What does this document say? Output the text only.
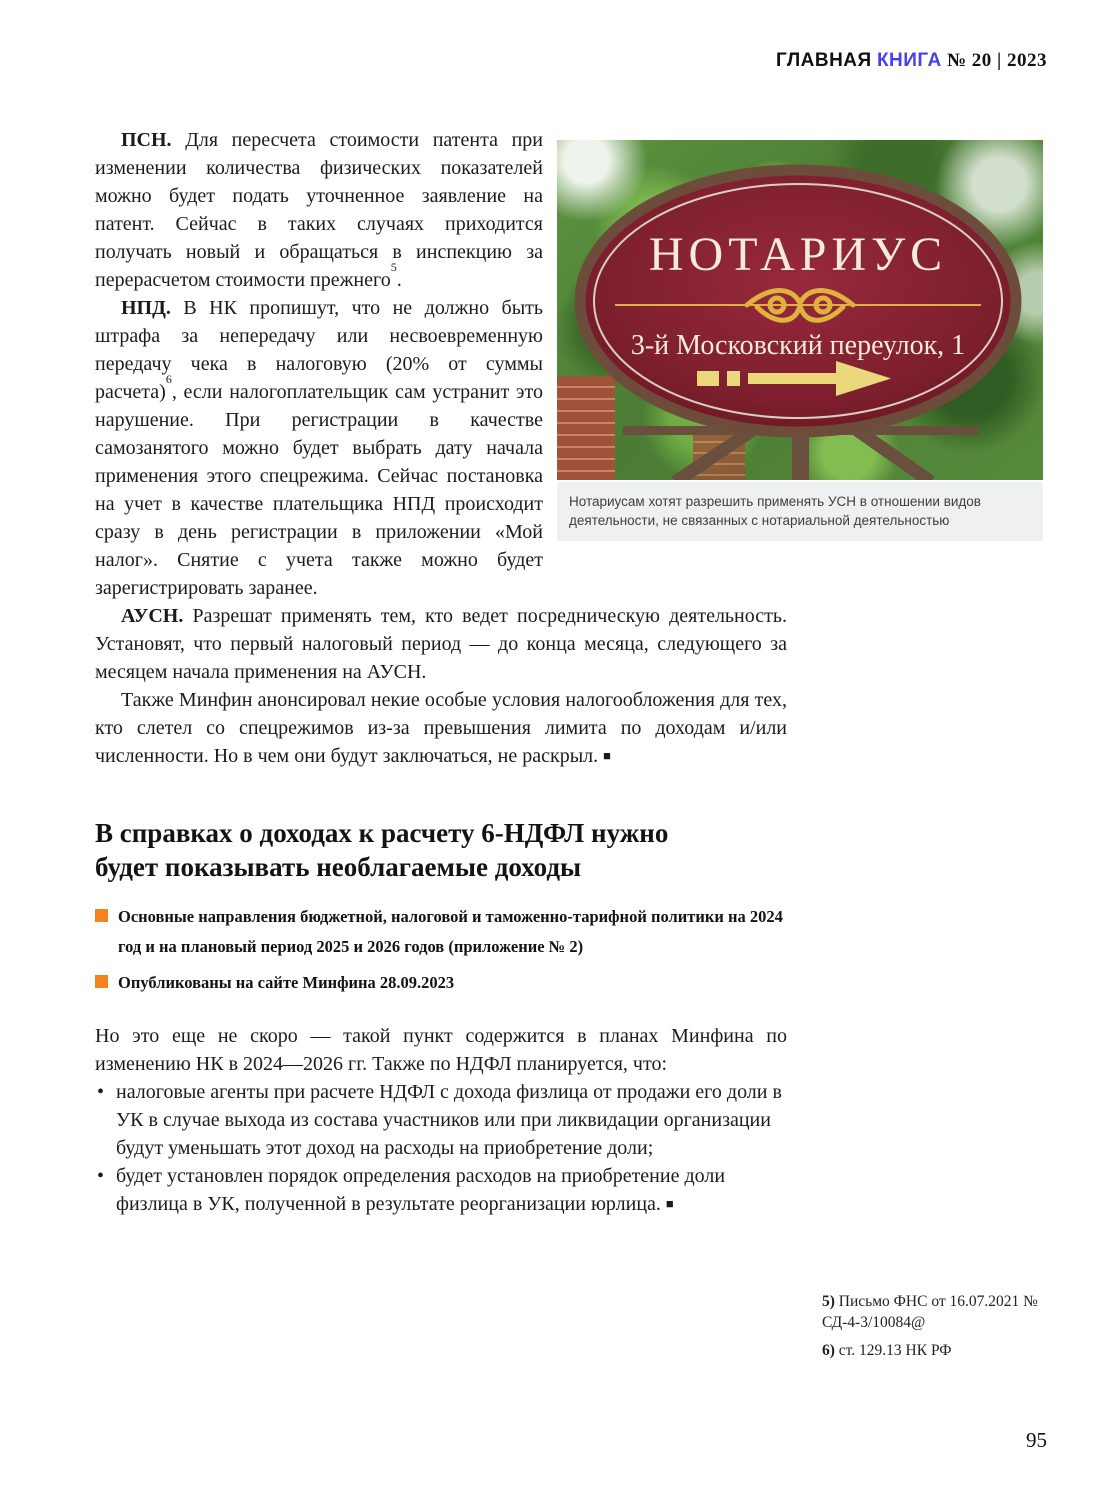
ГЛАВНАЯ КНИГА № 20 | 2023
НОТАРИУС
3-й Московский переулок, 1
Нотариусам хотят разрешить применять УСН в отношении видов деятельности, не связанных с нотариальной деятельностью

ПСН. Для пересчета стоимости патента при изменении количества физических показателей можно будет подать уточненное заявление на патент. Сейчас в таких случаях приходится получать новый и обращаться в инспекцию за перерасчетом стоимости прежнего$^5$.

НПД. В НК пропишут, что не должно быть штрафа за непередачу или несвоевременную передачу чека в налоговую (20% от суммы расчета)$^6$, если налогоплательщик сам устранит это нарушение. При регистрации в качестве самозанятого можно будет выбрать дату начала применения этого спецрежима. Сейчас постановка на учет в качестве плательщика НПД происходит сразу в день регистрации в приложении «Мой налог». Снятие с учета также можно будет зарегистрировать заранее.

АУСН. Разрешат применять тем, кто ведет посредническую деятельность. Установят, что первый налоговый период — до конца месяца, следующего за месяцем начала применения на АУСН.

Также Минфин анонсировал некие особые условия налогообложения для тех, кто слетел со спецрежимов из-за превышения лимита по доходам и/или численности. Но в чем они будут заключаться, не раскрыл. ■

В справках о доходах к расчету 6-НДФЛ нужно будет показывать необлагаемые доходы
Основные направления бюджетной, налоговой и таможенно-тарифной политики на 2024 год и на плановый период 2025 и 2026 годов (приложение № 2)
Опубликованы на сайте Минфина 28.09.2023

Но это еще не скоро — такой пункт содержится в планах Минфина по изменению НК в 2024—2026 гг. Также по НДФЛ планируется, что:

• налоговые агенты при расчете НДФЛ с дохода физлица от продажи его доли в УК в случае выхода из состава участников или при ликвидации организации будут уменьшать этот доход на расходы на приобретение доли;
• будет установлен порядок определения расходов на приобретение доли физлица в УК, полученной в результате реорганизации юрлица. ■
5) Письмо ФНС от 16.07.2021 № СД-4-3/10084@
6) ст. 129.13 НК РФ
95
